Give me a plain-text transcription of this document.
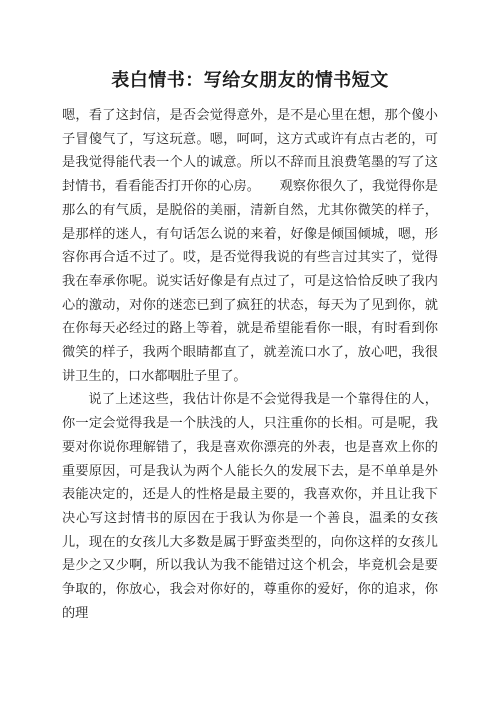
表白情书：写给女朋友的情书短文

嗯，看了这封信，是否会觉得意外，是不是心里在想，那个傻小子冒傻气了，写这玩意。嗯，呵呵，这方式或许有点古老的，可是我觉得能代表一个人的诚意。所以不辞而且浪费笔墨的写了这封情书，看看能否打开你的心房。　　观察你很久了，我觉得你是那么的有气质，是脱俗的美丽，清新自然，尤其你微笑的样子，是那样的迷人，有句话怎么说的来着，好像是倾国倾城，嗯，形容你再合适不过了。哎，是否觉得我说的有些言过其实了，觉得我在奉承你呢。说实话好像是有点过了，可是这恰恰反映了我内心的激动，对你的迷恋已到了疯狂的状态，每天为了见到你，就在你每天必经过的路上等着，就是希望能看你一眼，有时看到你微笑的样子，我两个眼睛都直了，就差流口水了，放心吧，我很讲卫生的，口水都咽肚子里了。

说了上述这些，我估计你是不会觉得我是一个靠得住的人，你一定会觉得我是一个肤浅的人，只注重你的长相。可是呢，我要对你说你理解错了，我是喜欢你漂亮的外表，也是喜欢上你的重要原因，可是我认为两个人能长久的发展下去，是不单单是外表能决定的，还是人的性格是最主要的，我喜欢你，并且让我下决心写这封情书的原因在于我认为你是一个善良，温柔的女孩儿，现在的女孩儿大多数是属于野蛮类型的，向你这样的女孩儿是少之又少啊，所以我认为我不能错过这个机会，毕竟机会是要争取的，你放心，我会对你好的，尊重你的爱好，你的追求，你的理
